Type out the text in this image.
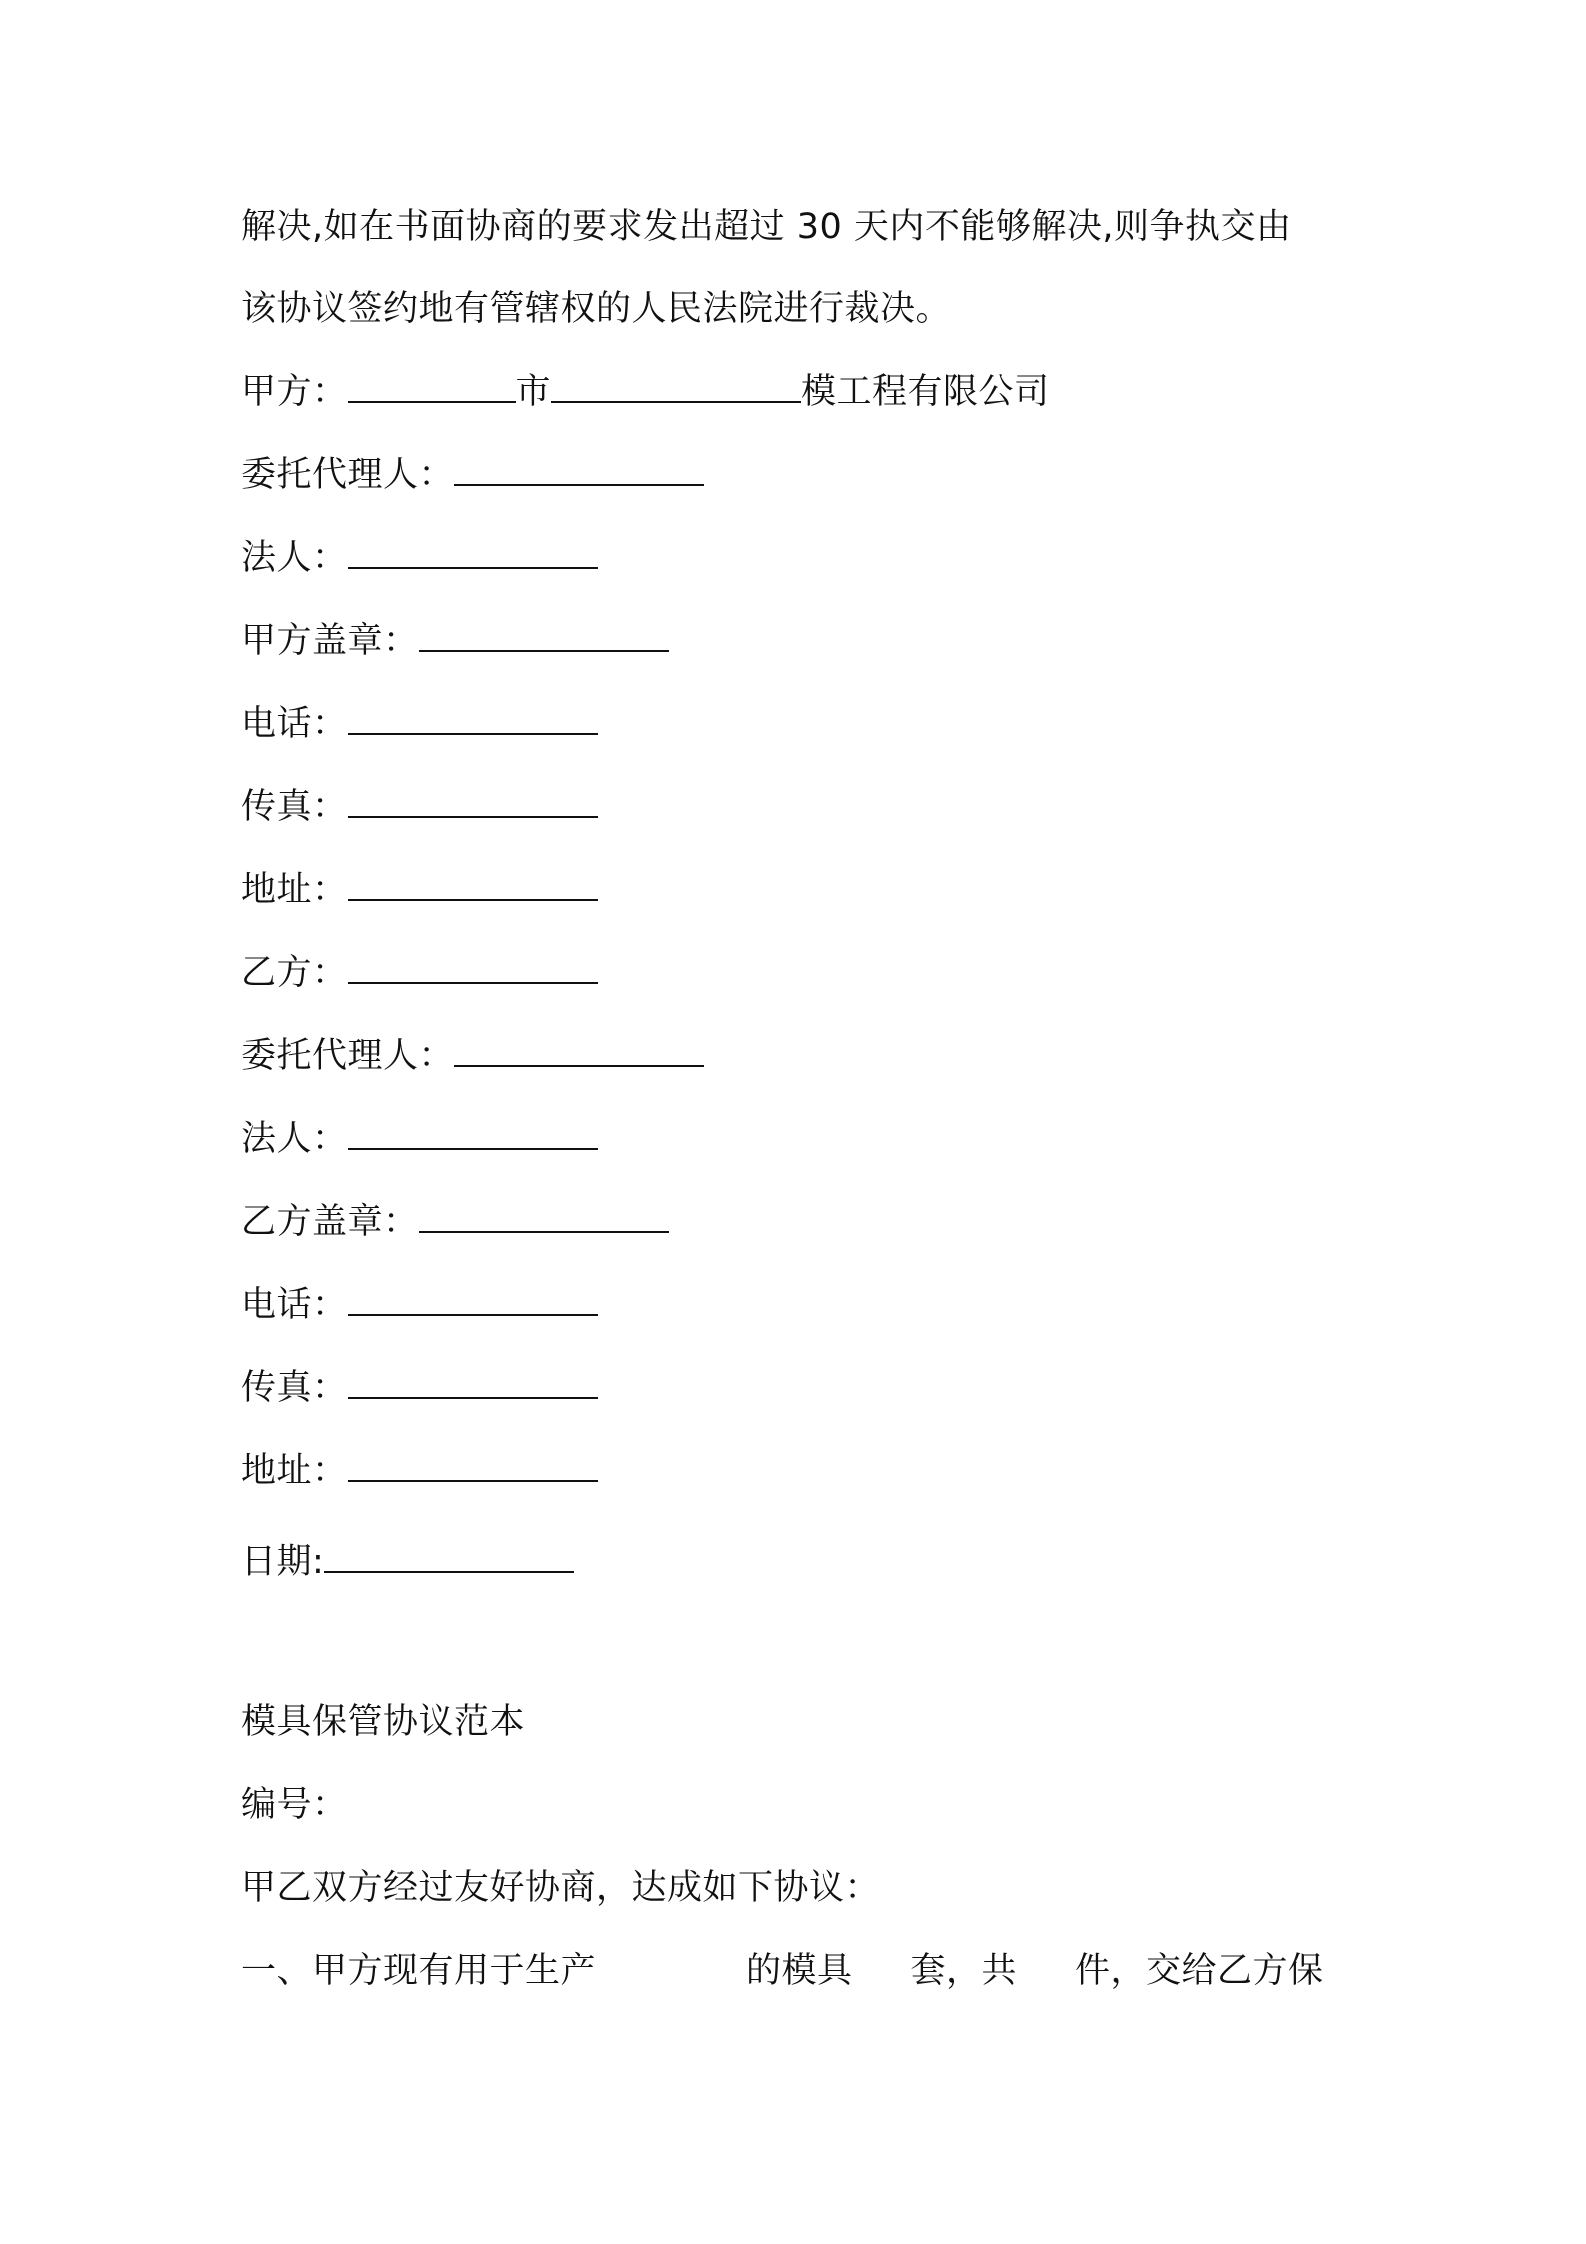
解决,如在书面协商的要求发出超过 30 天内不能够解决,则争执交由
该协议签约地有管辖权的人民法院进行裁决。
甲方：	市	模工程有限公司
委托代理人：
法人：
甲方盖章：
电话：
传真：
地址：
乙方：
委托代理人：
法人：
乙方盖章：
电话：
传真：
地址：
日期:
模具保管协议范本
编号：
甲乙双方经过友好协商，达成如下协议：
一、甲方现有用于生产	的模具 套，共 件，交给乙方保
